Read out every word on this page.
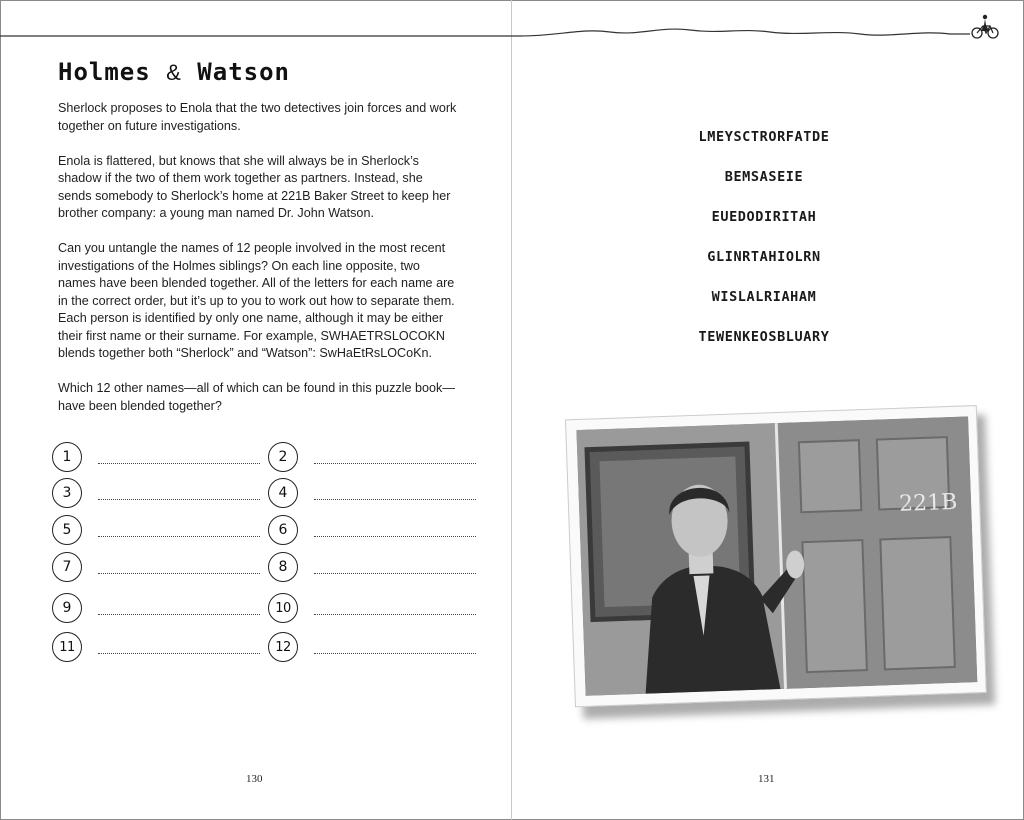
Holmes & Watson

Sherlock proposes to Enola that the two detectives join forces and work together on future investigations.

Enola is flattered, but knows that she will always be in Sherlock’s shadow if the two of them work together as partners. Instead, she sends somebody to Sherlock’s home at 221B Baker Street to keep her brother company: a young man named Dr. John Watson.

Can you untangle the names of 12 people involved in the most recent investigations of the Holmes siblings? On each line opposite, two names have been blended together. All of the letters for each name are in the correct order, but it’s up to you to work out how to separate them. Each person is identified by only one name, although it may be either their first name or their surname. For example, SWHAETRSLOCOKN blends together both “Sherlock” and “Watson”: SwHaEtRsLOCoKn.

Which 12 other names—all of which can be found in this puzzle book—have been blended together?

1	2
3	4
5	6
7	8
9	10
11	12
LMEYSCTRORFATDE
BEMSASEIE
EUEDODIRITAH
GLINRTAHIOLRN
WISLALRIAHAM
TEWENKEOSBLUARY
221B
130	131
